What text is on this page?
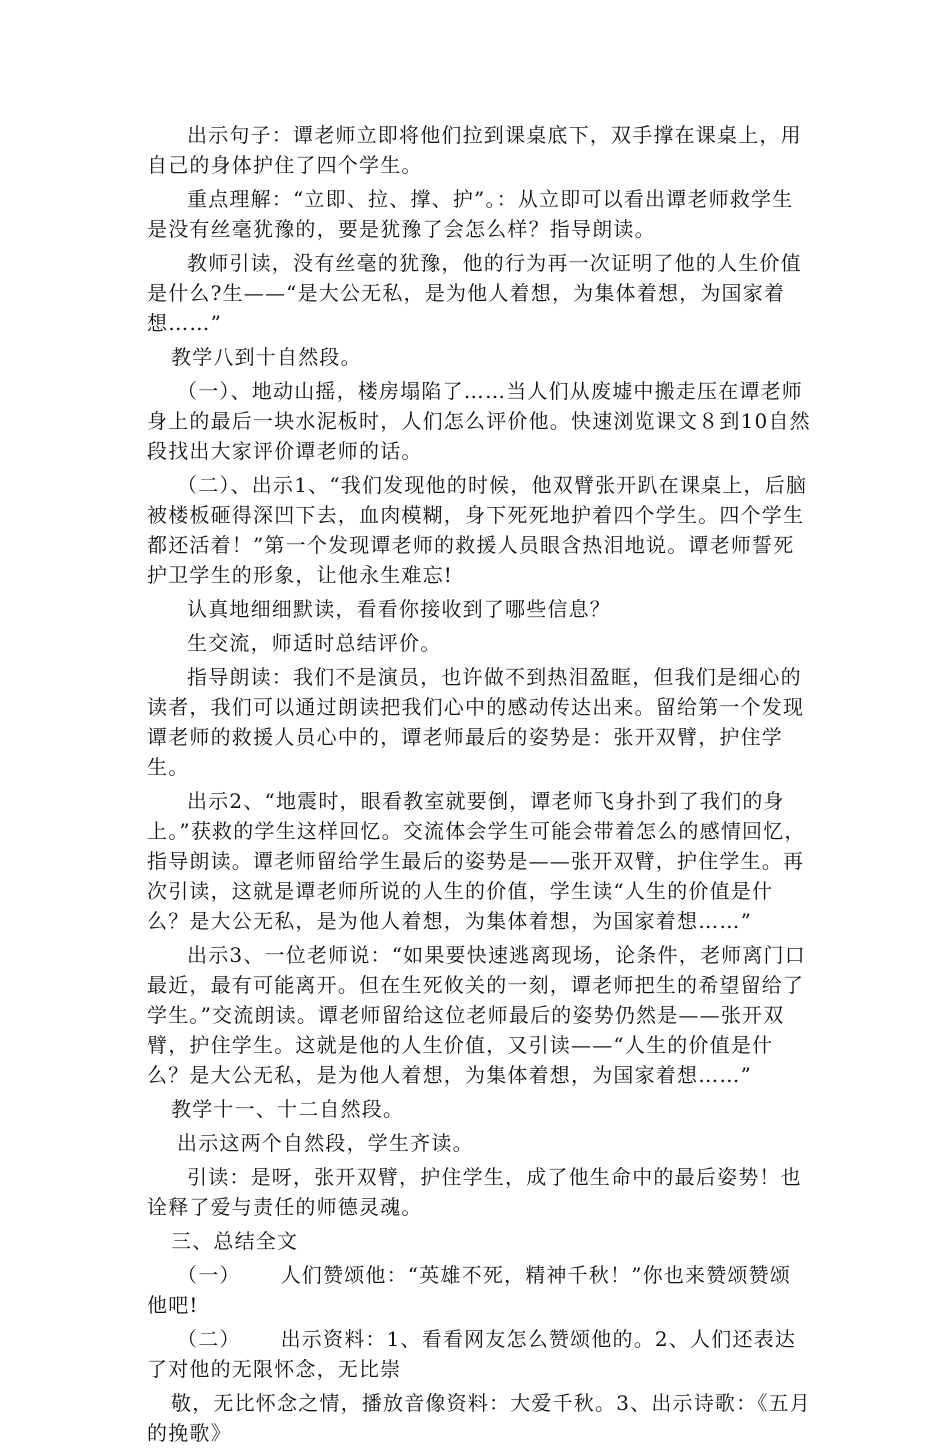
出示句子：谭老师立即将他们拉到课桌底下，双手撑在课桌上，用自己的身体护住了四个学生。

重点理解：“立即、拉、撑、护”。：从立即可以看出谭老师救学生是没有丝毫犹豫的，要是犹豫了会怎么样？指导朗读。

教师引读，没有丝毫的犹豫，他的行为再一次证明了他的人生价值是什么?生——“是大公无私，是为他人着想，为集体着想，为国家着想……”

教学八到十自然段。

（一）、地动山摇，楼房塌陷了……当人们从废墟中搬走压在谭老师身上的最后一块水泥板时，人们怎么评价他。快速浏览课文８到10自然段找出大家评价谭老师的话。

（二）、出示1、“我们发现他的时候，他双臂张开趴在课桌上，后脑被楼板砸得深凹下去，血肉模糊，身下死死地护着四个学生。四个学生都还活着！”第一个发现谭老师的救援人员眼含热泪地说。谭老师誓死护卫学生的形象，让他永生难忘!

认真地细细默读，看看你接收到了哪些信息？

生交流，师适时总结评价。

指导朗读：我们不是演员，也许做不到热泪盈眶，但我们是细心的读者，我们可以通过朗读把我们心中的感动传达出来。留给第一个发现谭老师的救援人员心中的，谭老师最后的姿势是：张开双臂，护住学生。

出示2、“地震时，眼看教室就要倒，谭老师飞身扑到了我们的身上。”获救的学生这样回忆。交流体会学生可能会带着怎么的感情回忆，指导朗读。谭老师留给学生最后的姿势是——张开双臂，护住学生。再次引读，这就是谭老师所说的人生的价值，学生读“人生的价值是什么？是大公无私，是为他人着想，为集体着想，为国家着想……”

出示3、一位老师说：“如果要快速逃离现场，论条件，老师离门口最近，最有可能离开。但在生死攸关的一刻，谭老师把生的希望留给了学生。”交流朗读。谭老师留给这位老师最后的姿势仍然是——张开双臂，护住学生。这就是他的人生价值，又引读——“人生的价值是什么？是大公无私，是为他人着想，为集体着想，为国家着想……”

教学十一、十二自然段。

出示这两个自然段，学生齐读。

引读：是呀，张开双臂，护住学生，成了他生命中的最后姿势！也诠释了爱与责任的师德灵魂。

三、总结全文

（一） 人们赞颂他：“英雄不死，精神千秋！”你也来赞颂赞颂他吧!

（二） 出示资料：1、看看网友怎么赞颂他的。2、人们还表达了对他的无限怀念，无比崇

敬，无比怀念之情，播放音像资料：大爱千秋。3、出示诗歌：《五月的挽歌》
